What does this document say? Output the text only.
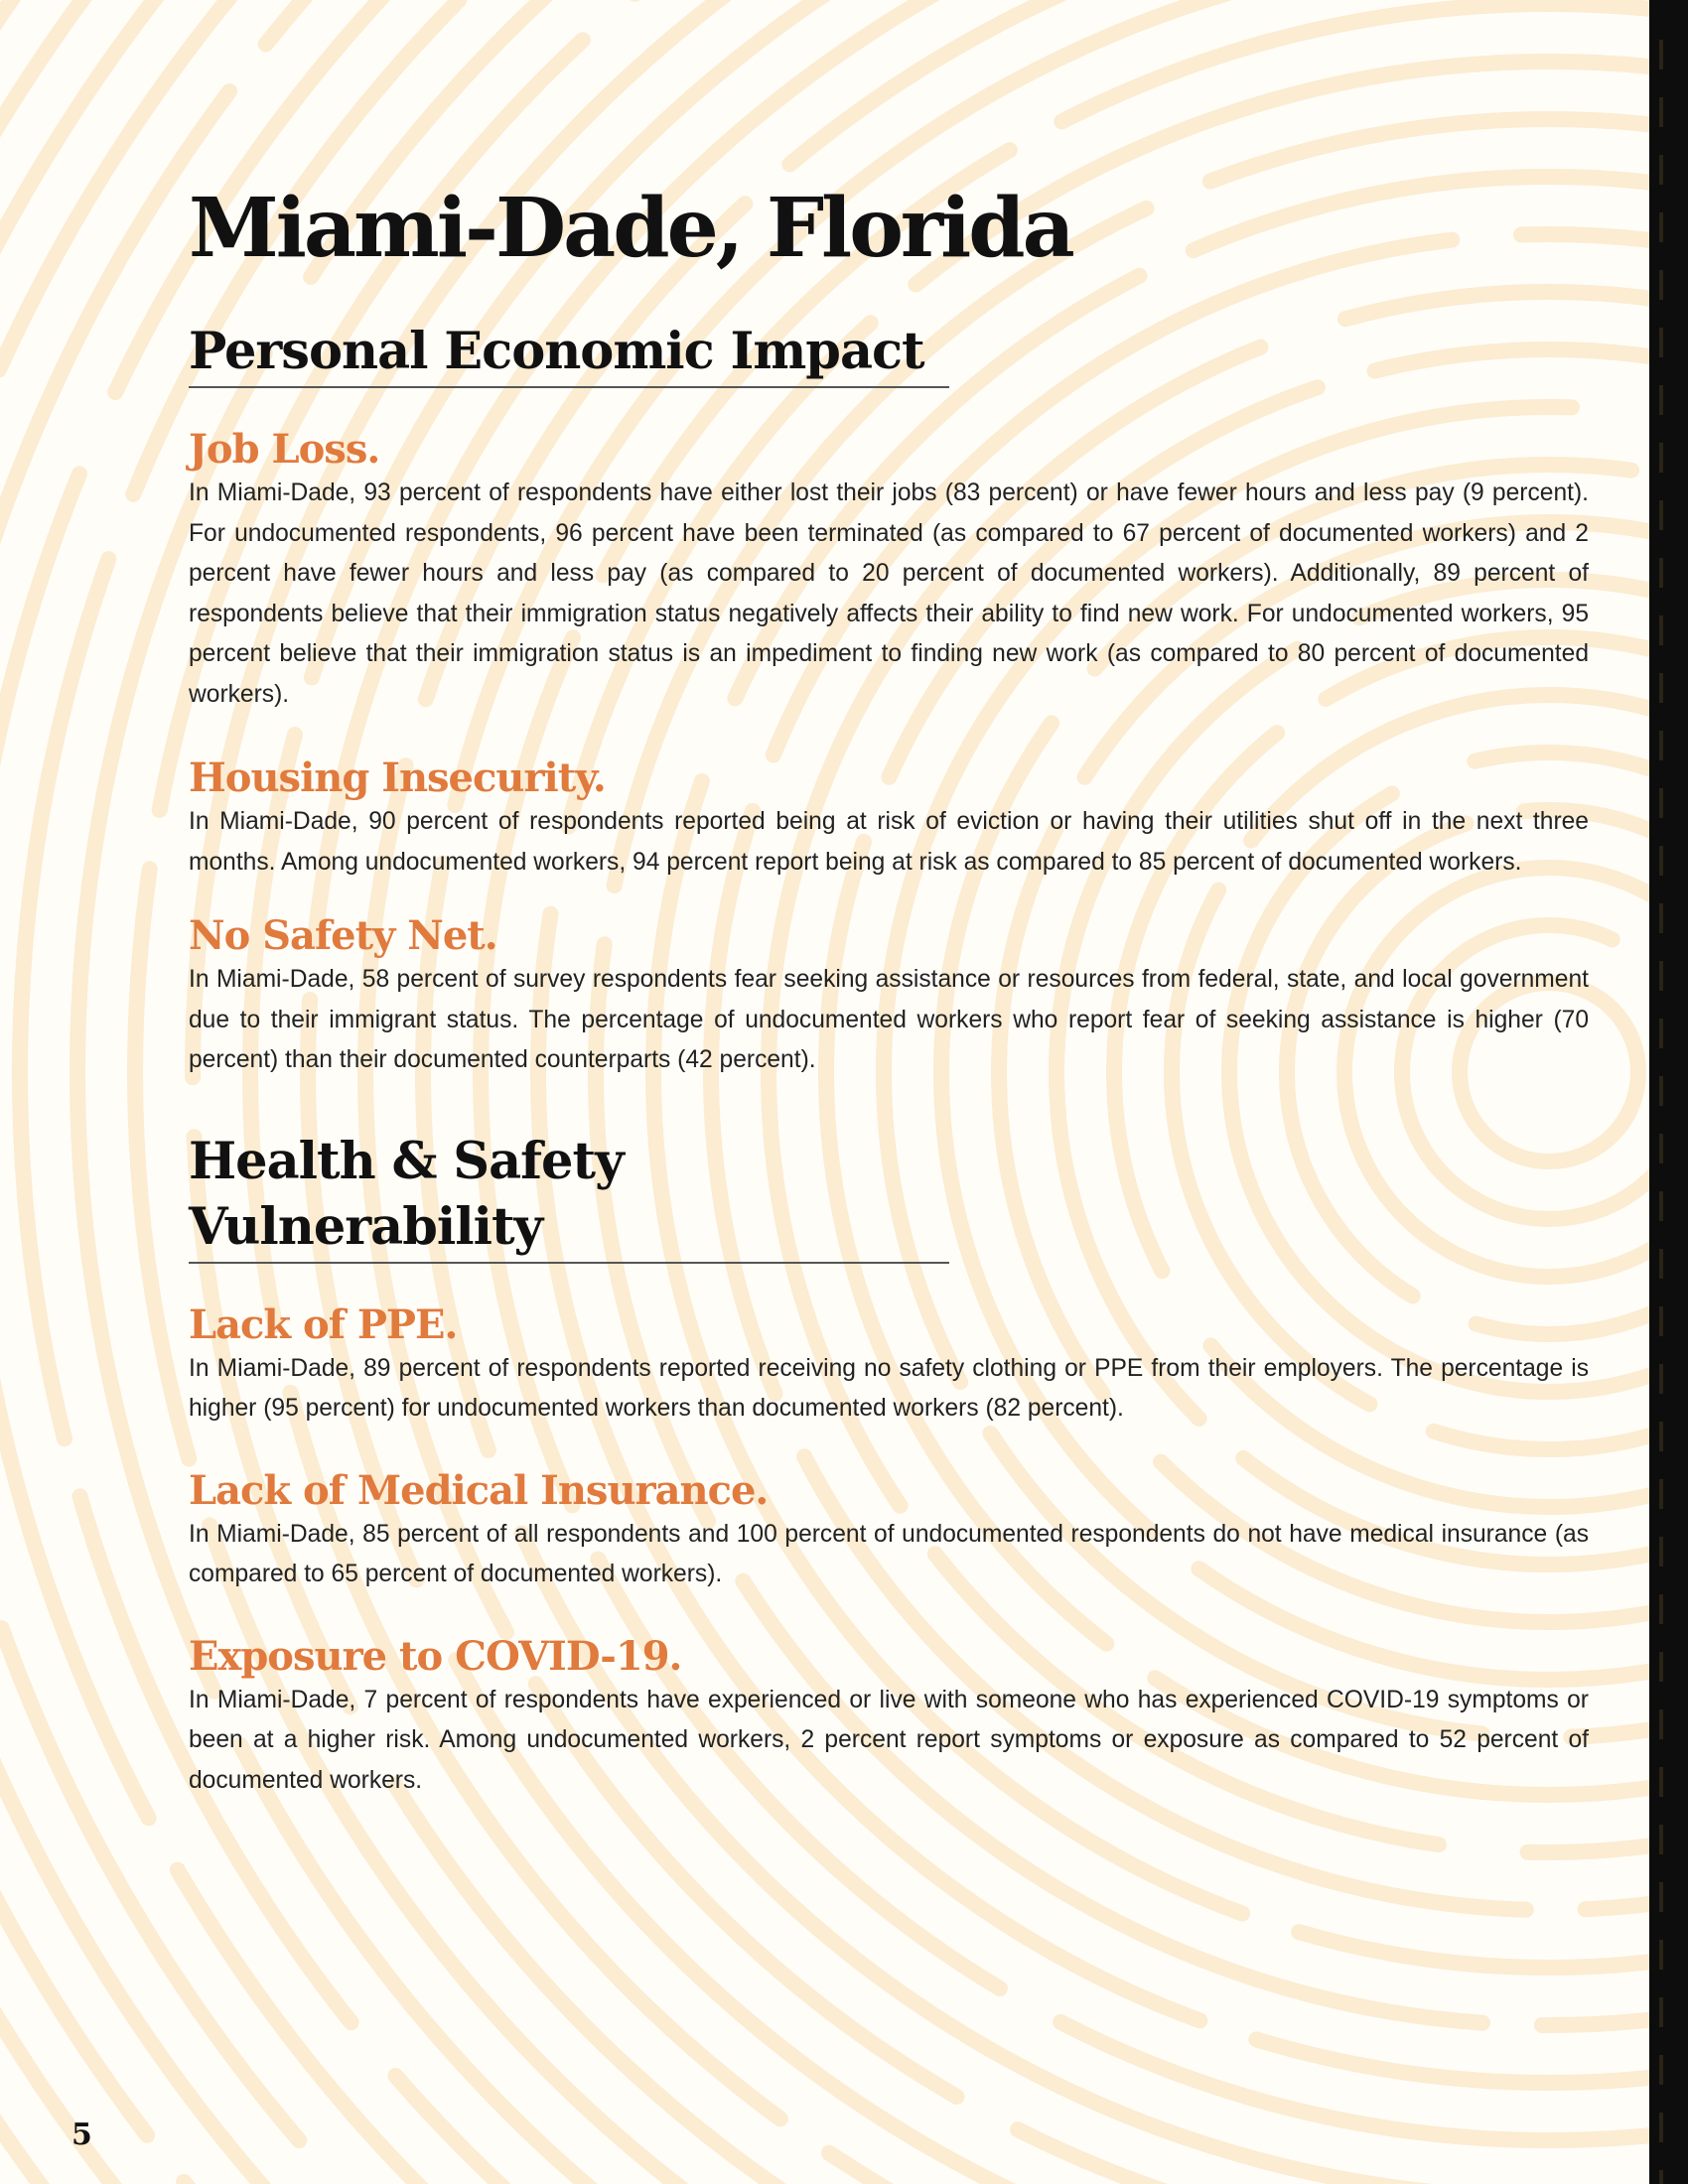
Miami-Dade, Florida
Personal Economic Impact
Job Loss.

In Miami-Dade, 93 percent of respondents have either lost their jobs (83 percent) or have fewer hours and less pay (9 percent). For undocumented respondents, 96 percent have been terminated (as compared to 67 percent of documented workers) and 2 percent have fewer hours and less pay (as compared to 20 percent of documented workers). Additionally, 89 percent of respondents believe that their immigration status negatively affects their ability to find new work. For undocumented workers, 95 percent believe that their immigration status is an impediment to finding new work (as compared to 80 percent of documented workers).

Housing Insecurity.

In Miami-Dade, 90 percent of respondents reported being at risk of eviction or having their utilities shut off in the next three months. Among undocumented workers, 94 percent report being at risk as compared to 85 percent of documented workers.

No Safety Net.

In Miami-Dade, 58 percent of survey respondents fear seeking assistance or resources from federal, state, and local government due to their immigrant status. The percentage of undocumented workers who report fear of seeking assistance is higher (70 percent) than their documented counterparts (42 percent).

Health & Safety Vulnerability
Lack of PPE.

In Miami-Dade, 89 percent of respondents reported receiving no safety clothing or PPE from their employers. The percentage is higher (95 percent) for undocumented workers than documented workers (82 percent).

Lack of Medical Insurance.

In Miami-Dade, 85 percent of all respondents and 100 percent of undocumented respondents do not have medical insurance (as compared to 65 percent of documented workers).

Exposure to COVID-19.

In Miami-Dade, 7 percent of respondents have experienced or live with someone who has experienced COVID-19 symptoms or been at a higher risk. Among undocumented workers, 2 percent report symptoms or exposure as compared to 52 percent of documented workers.

5
